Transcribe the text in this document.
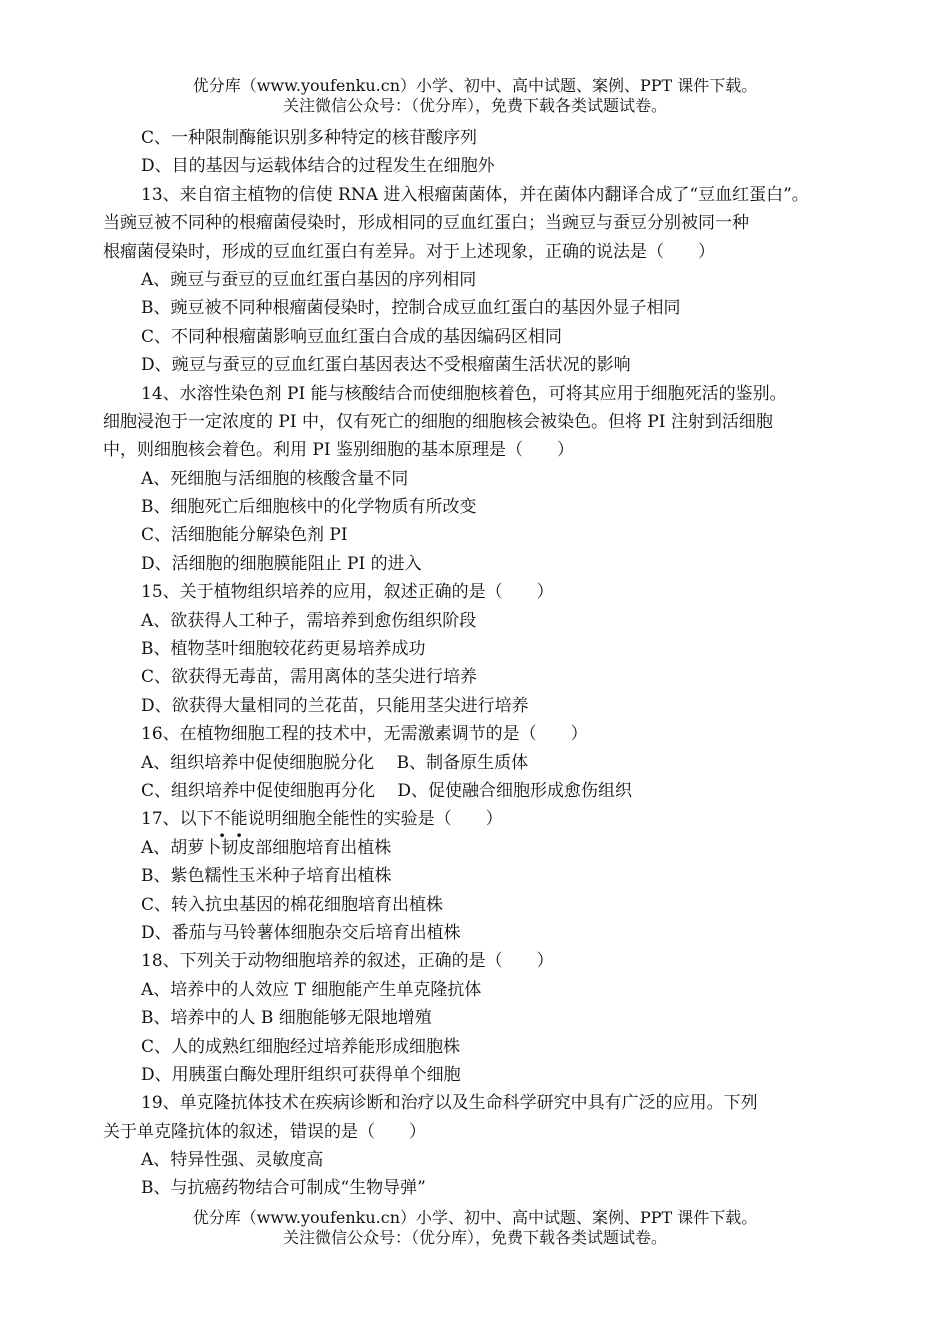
优分库（www.youfenku.cn）小学、初中、高中试题、案例、PPT 课件下载。
关注微信公众号：（优分库），免费下载各类试题试卷。
C、一种限制酶能识别多种特定的核苷酸序列
D、目的基因与运载体结合的过程发生在细胞外
13、来自宿主植物的信使 RNA 进入根瘤菌菌体，并在菌体内翻译合成了“豆血红蛋白”。
当豌豆被不同种的根瘤菌侵染时，形成相同的豆血红蛋白；当豌豆与蚕豆分别被同一种
根瘤菌侵染时，形成的豆血红蛋白有差异。对于上述现象，正确的说法是（　　）
A、豌豆与蚕豆的豆血红蛋白基因的序列相同
B、豌豆被不同种根瘤菌侵染时，控制合成豆血红蛋白的基因外显子相同
C、不同种根瘤菌影响豆血红蛋白合成的基因编码区相同
D、豌豆与蚕豆的豆血红蛋白基因表达不受根瘤菌生活状况的影响
14、水溶性染色剂 PI 能与核酸结合而使细胞核着色，可将其应用于细胞死活的鉴别。
细胞浸泡于一定浓度的 PI 中，仅有死亡的细胞的细胞核会被染色。但将 PI 注射到活细胞
中，则细胞核会着色。利用 PI 鉴别细胞的基本原理是（　　）
A、死细胞与活细胞的核酸含量不同
B、细胞死亡后细胞核中的化学物质有所改变
C、活细胞能分解染色剂 PI
D、活细胞的细胞膜能阻止 PI 的进入
15、关于植物组织培养的应用，叙述正确的是（　　）
A、欲获得人工种子，需培养到愈伤组织阶段
B、植物茎叶细胞较花药更易培养成功
C、欲获得无毒苗，需用离体的茎尖进行培养
D、欲获得大量相同的兰花苗，只能用茎尖进行培养
16、在植物细胞工程的技术中，无需激素调节的是（　　）
A、组织培养中促使细胞脱分化　 B、制备原生质体
C、组织培养中促使细胞再分化　 D、促使融合细胞形成愈伤组织
17、以下不能说明细胞全能性的实验是（　　）
A、胡萝卜韧皮部细胞培育出植株
B、紫色糯性玉米种子培育出植株
C、转入抗虫基因的棉花细胞培育出植株
D、番茄与马铃薯体细胞杂交后培育出植株
18、下列关于动物细胞培养的叙述，正确的是（　　）
A、培养中的人效应 T 细胞能产生单克隆抗体
B、培养中的人 B 细胞能够无限地增殖
C、人的成熟红细胞经过培养能形成细胞株
D、用胰蛋白酶处理肝组织可获得单个细胞
19、单克隆抗体技术在疾病诊断和治疗以及生命科学研究中具有广泛的应用。下列
关于单克隆抗体的叙述，错误的是（　　）
A、特异性强、灵敏度高
B、与抗癌药物结合可制成“生物导弹”
优分库（www.youfenku.cn）小学、初中、高中试题、案例、PPT 课件下载。
关注微信公众号：（优分库），免费下载各类试题试卷。
